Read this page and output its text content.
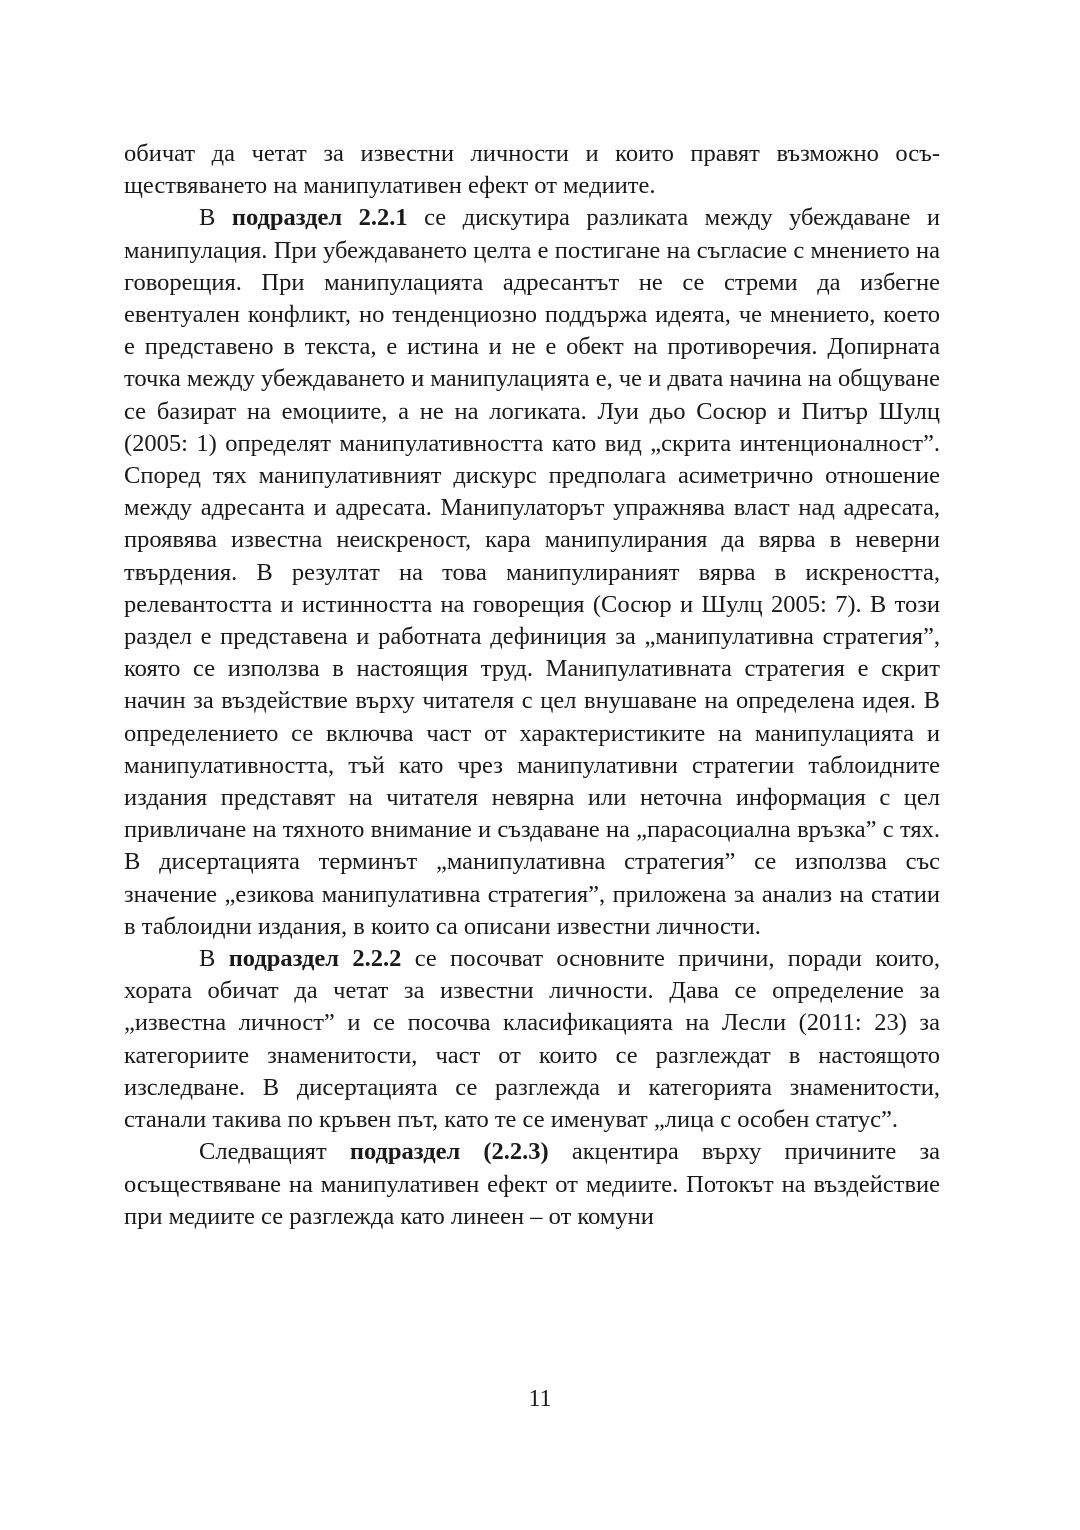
обичат да четат за известни личности и които правят възможно осъществяването на манипулативен ефект от медиите.

В подраздел 2.2.1 се дискутира разликата между убеждаване и манипулация. При убеждаването целта е постигане на съгласие с мнението на говорещия. При манипулацията адресантът не се стреми да избегне евентуален конфликт, но тенденциозно поддържа идеята, че мнението, което е представено в текста, е истина и не е обект на противоречия. Допирната точка между убеждаването и манипулацията е, че и двата начина на общуване се базират на емоциите, а не на логиката. Луи дьо Сосюр и Питър Шулц (2005: 1) определят манипулативността като вид „скрита интенционалност”. Според тях манипулативният дискурс предполага асиметрично отношение между адресанта и адресата. Манипулаторът упражнява власт над адресата, проявява известна неискреност, кара манипулирания да вярва в неверни твърдения. В резултат на това манипулираният вярва в искреността, релевантостта и истинността на говорещия (Сосюр и Шулц 2005: 7). В този раздел е представена и работната дефиниция за „манипулативна стратегия”, която се използва в настоящия труд. Манипулативната стратегия е скрит начин за въздействие върху читателя с цел внушаване на определена идея. В определението се включва част от характеристиките на манипулацията и манипулативността, тъй като чрез манипулативни стратегии таблоидните издания представят на читателя невярна или неточна информация с цел привличане на тяхното внимание и създаване на „парасоциална връзка” с тях. В дисертацията терминът „манипулативна стратегия” се използва със значение „езикова манипулативна стратегия”, приложена за анализ на статии в таблоидни издания, в които са описани известни личности.

В подраздел 2.2.2 се посочват основните причини, поради които, хората обичат да четат за известни личности. Дава се определение за „известна личност” и се посочва класификацията на Лесли (2011: 23) за категориите знаменитости, част от които се разглеждат в настоящото изследване. В дисертацията се разглежда и категорията знаменитости, станали такива по кръвен път, като те се именуват „лица с особен статус”.

Следващият подраздел (2.2.3) акцентира върху причините за осъществяване на манипулативен ефект от медиите. Потокът на въздействие при медиите се разглежда като линеен – от комуни

11
